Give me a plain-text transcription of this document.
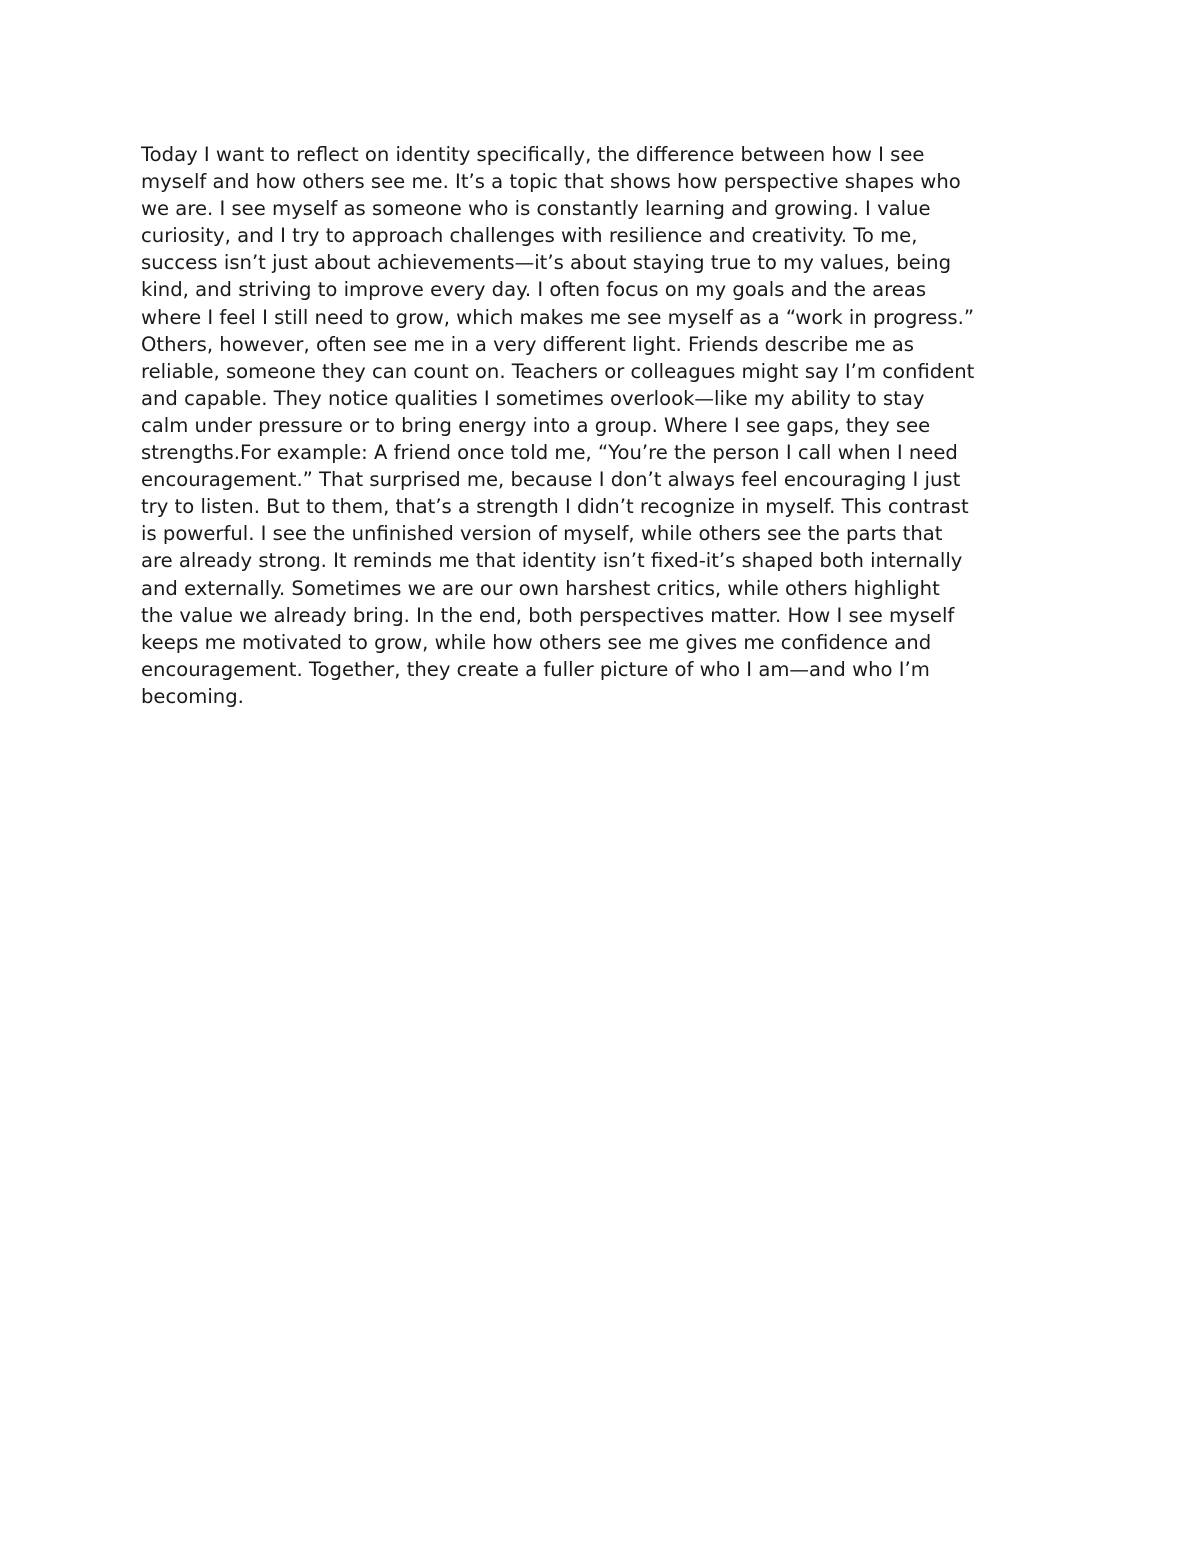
Today I want to reflect on identity specifically, the difference between how I see
myself and how others see me. It’s a topic that shows how perspective shapes who
we are. I see myself as someone who is constantly learning and growing. I value
curiosity, and I try to approach challenges with resilience and creativity. To me,
success isn’t just about achievements—it’s about staying true to my values, being
kind, and striving to improve every day. I often focus on my goals and the areas
where I feel I still need to grow, which makes me see myself as a “work in progress.”
Others, however, often see me in a very different light. Friends describe me as
reliable, someone they can count on. Teachers or colleagues might say I’m confident
and capable. They notice qualities I sometimes overlook—like my ability to stay
calm under pressure or to bring energy into a group. Where I see gaps, they see
strengths.For example: A friend once told me, “You’re the person I call when I need
encouragement.” That surprised me, because I don’t always feel encouraging I just
try to listen. But to them, that’s a strength I didn’t recognize in myself. This contrast
is powerful. I see the unfinished version of myself, while others see the parts that
are already strong. It reminds me that identity isn’t fixed-it’s shaped both internally
and externally. Sometimes we are our own harshest critics, while others highlight
the value we already bring. In the end, both perspectives matter. How I see myself
keeps me motivated to grow, while how others see me gives me confidence and
encouragement. Together, they create a fuller picture of who I am—and who I’m
becoming.
